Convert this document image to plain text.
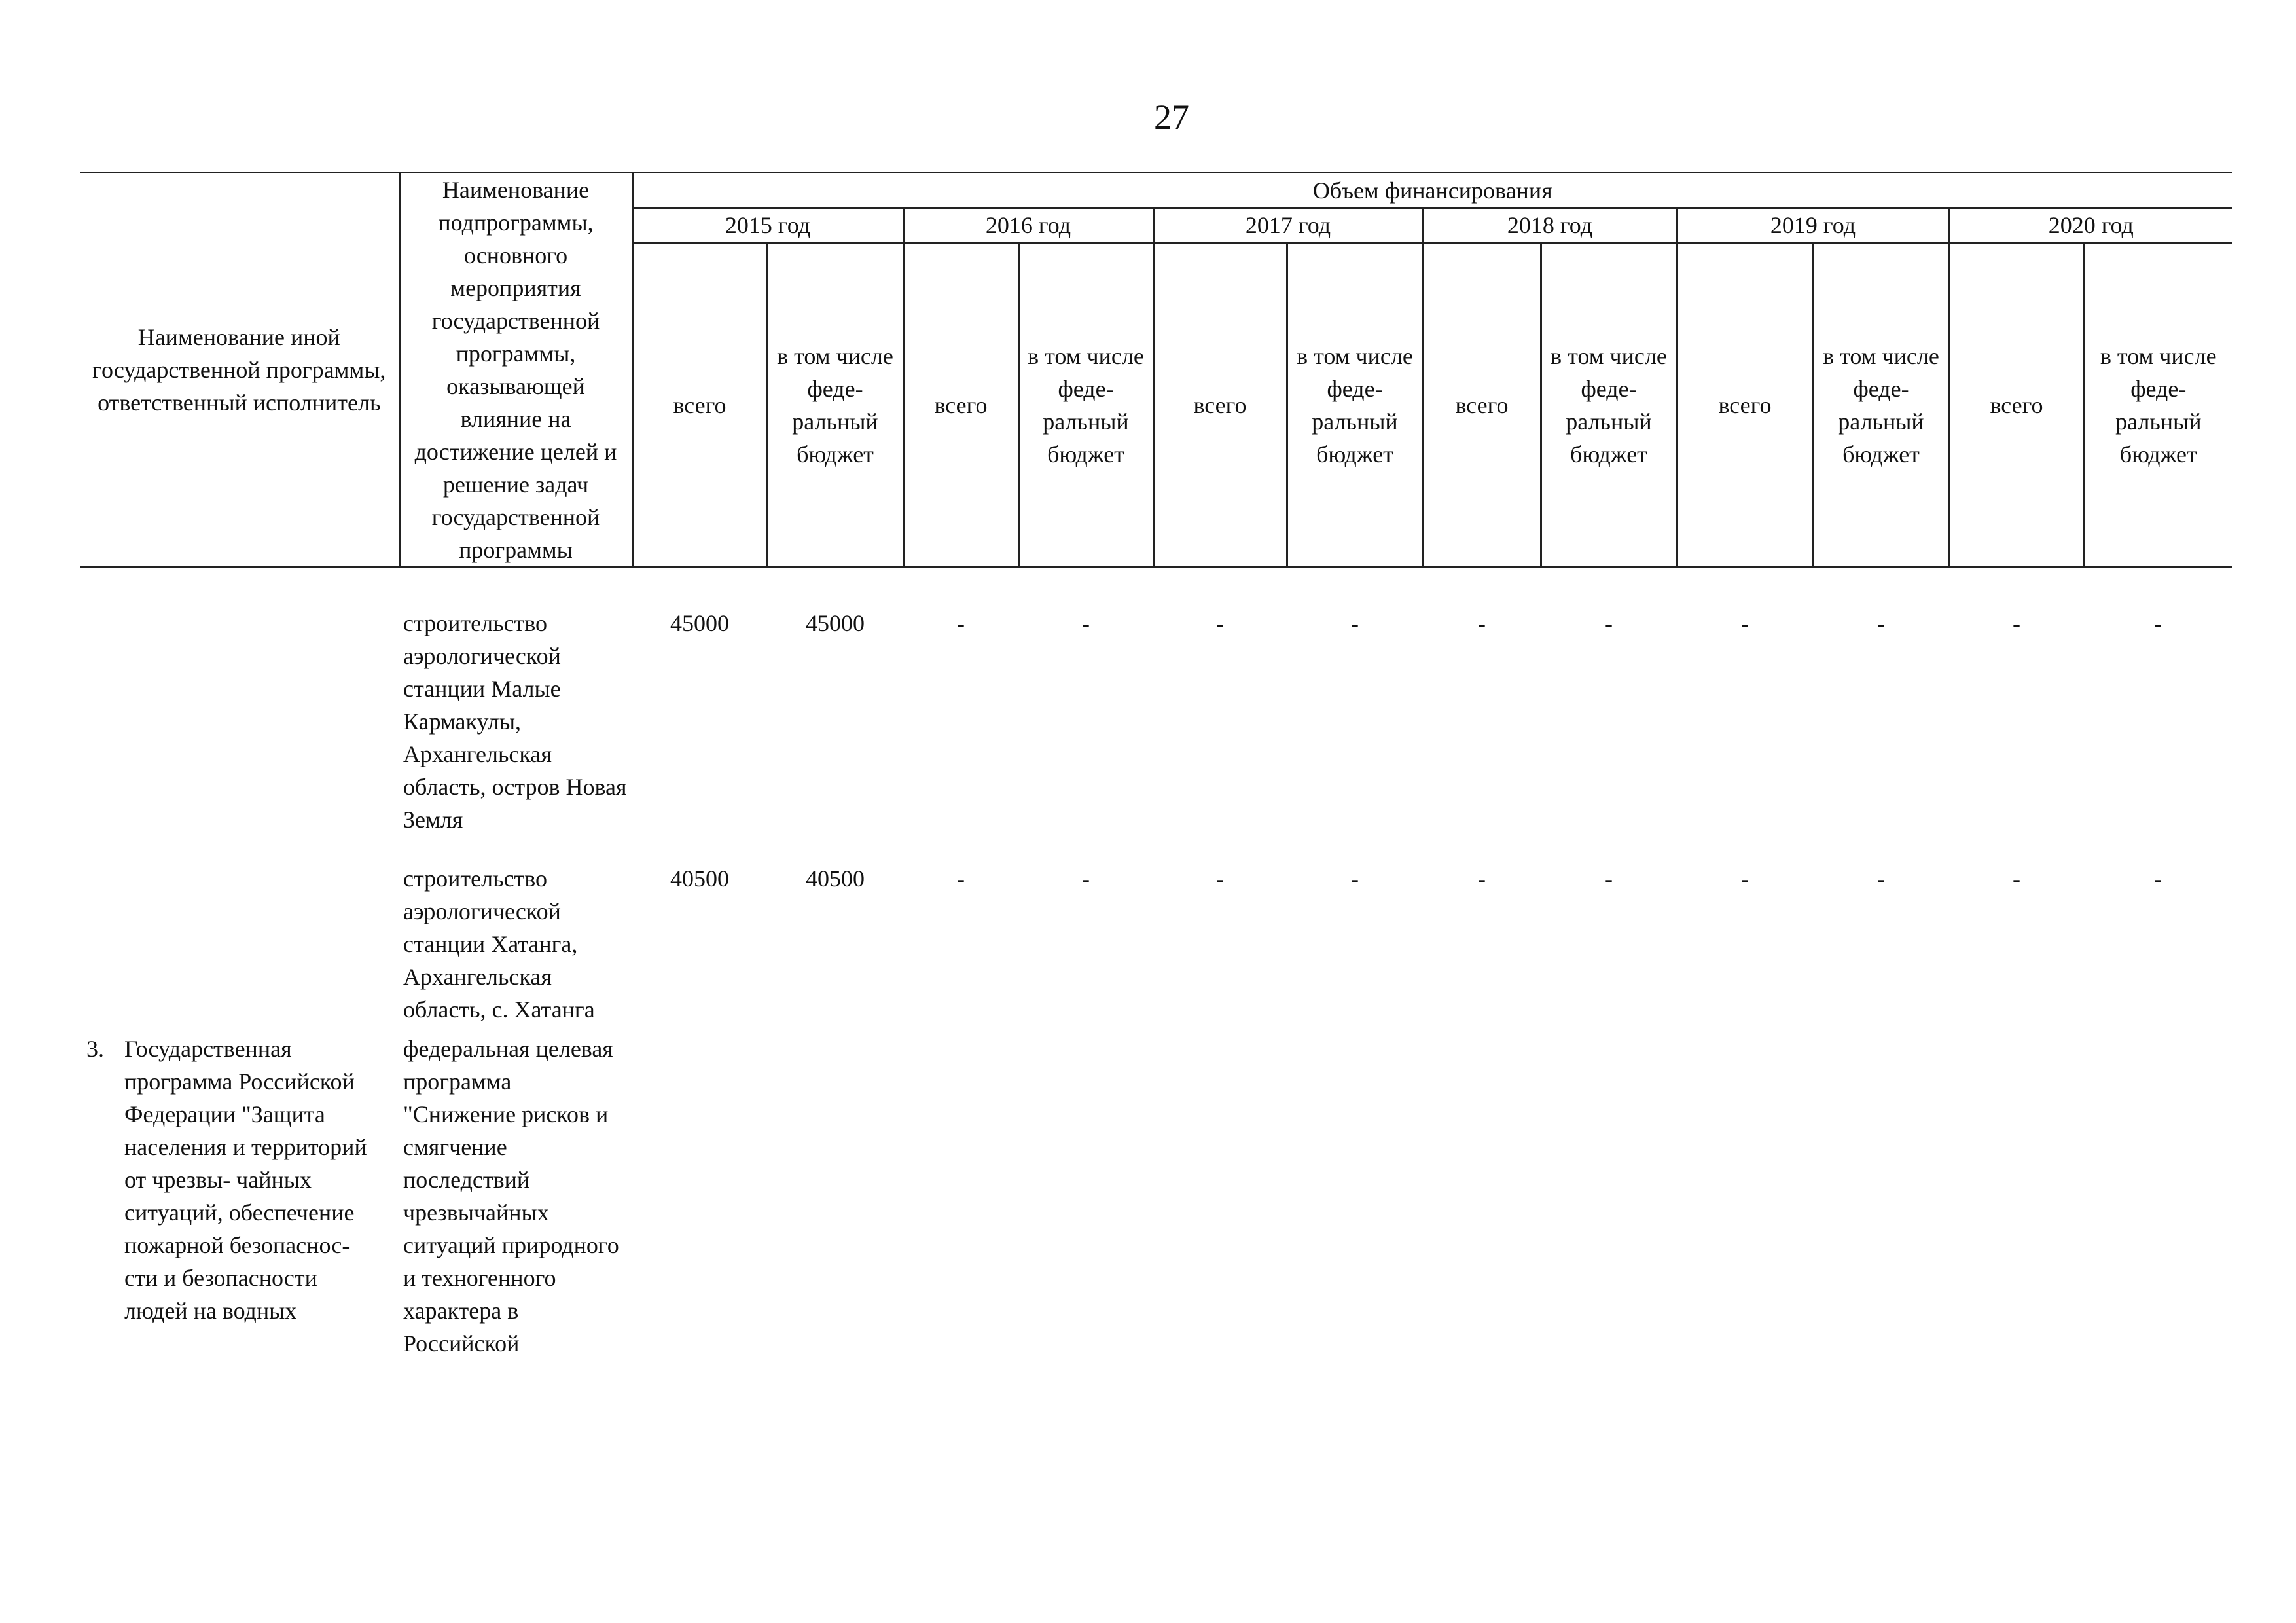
27
Наименование иной государственной программы, ответственный исполнитель	Наименование подпрограммы, основного мероприятия государственной программы, оказывающей влияние на достижение целей и решение задач государственной программы	Объем финансирования											
		2015 год		2016 год		2017 год		2018 год		2019 год		2020 год	
		всего	в том числе феде- ральный бюджет	всего	в том числе феде- ральный бюджет	всего	в том числе феде- ральный бюджет	всего	в том числе феде- ральный бюджет	всего	в том числе феде- ральный бюджет	всего	в том числе феде- ральный бюджет

	строительство аэрологической станции Малые Кармакулы, Архангельская область, остров Новая Земля	45000	45000	-	-	-	-	-	-	-	-	-	-

	строительство аэрологической станции Хатанга, Архангельская область, с. Хатанга	40500	40500	-	-	-	-	-	-	-	-	-	-
3. Государственная программа Российской Федерации "Защита населения и территорий от чрезвы- чайных ситуаций, обеспечение пожарной безопаснос- сти и безопасности людей на водных	федеральная целевая программа "Снижение рисков и смягчение последствий чрезвычайных ситуаций природного и техногенного характера в Российской												
